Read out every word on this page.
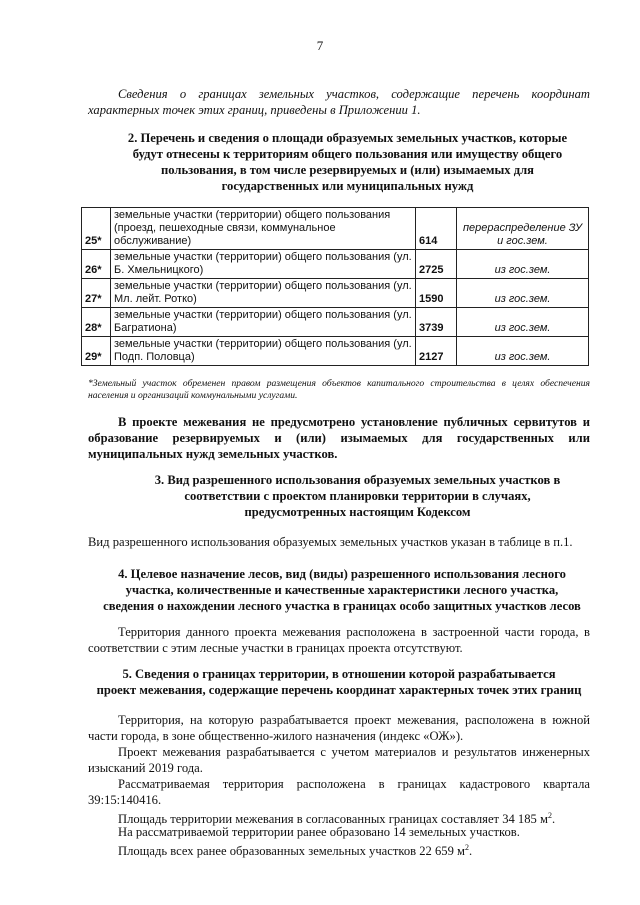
7
Сведения о границах земельных участков, содержащие перечень координат характерных точек этих границ, приведены в Приложении 1.
2. Перечень и сведения о площади образуемых земельных участков, которые
будут отнесены к территориям общего пользования или имуществу общего
пользования, в том числе резервируемых и (или) изымаемых для
государственных или муниципальных нужд
25*	земельные участки (территории) общего пользования (проезд, пешеходные связи, коммунальное обслуживание)	614	перераспределение ЗУ и гос.зем.
26*	земельные участки (территории) общего пользования (ул. Б. Хмельницкого)	2725	из гос.зем.
27*	земельные участки (территории) общего пользования (ул. Мл. лейт. Ротко)	1590	из гос.зем.
28*	земельные участки (территории) общего пользования (ул. Багратиона)	3739	из гос.зем.
29*	земельные участки (территории) общего пользования (ул. Подп. Половца)	2127	из гос.зем.
*Земельный участок обременен правом размещения объектов капитального строительства в целях обеспечения населения и организаций коммунальными услугами.
В проекте межевания не предусмотрено установление публичных сервитутов и образование резервируемых и (или) изымаемых для государственных или муниципальных нужд земельных участков.
3. Вид разрешенного использования образуемых земельных участков в
соответствии с проектом планировки территории в случаях,
предусмотренных настоящим Кодексом
Вид разрешенного использования образуемых земельных участков указан в таблице в п.1.
4. Целевое назначение лесов, вид (виды) разрешенного использования лесного
участка, количественные и качественные характеристики лесного участка,
сведения о нахождении лесного участка в границах особо защитных участков лесов
Территория данного проекта межевания расположена в застроенной части города, в соответствии с этим лесные участки в границах проекта отсутствуют.
5. Сведения о границах территории, в отношении которой разрабатывается
проект межевания, содержащие перечень координат характерных точек этих границ
Территория, на которую разрабатывается проект межевания, расположена в южной части города, в зоне общественно-жилого назначения (индекс «ОЖ»).
Проект межевания разрабатывается с учетом материалов и результатов инженерных изысканий 2019 года.
Рассматриваемая территория расположена в границах кадастрового квартала
39:15:140416.
Площадь территории межевания в согласованных границах составляет 34 185 $м^2$.
На рассматриваемой территории ранее образовано 14 земельных участков.
Площадь всех ранее образованных земельных участков 22 659 $м^2$.
